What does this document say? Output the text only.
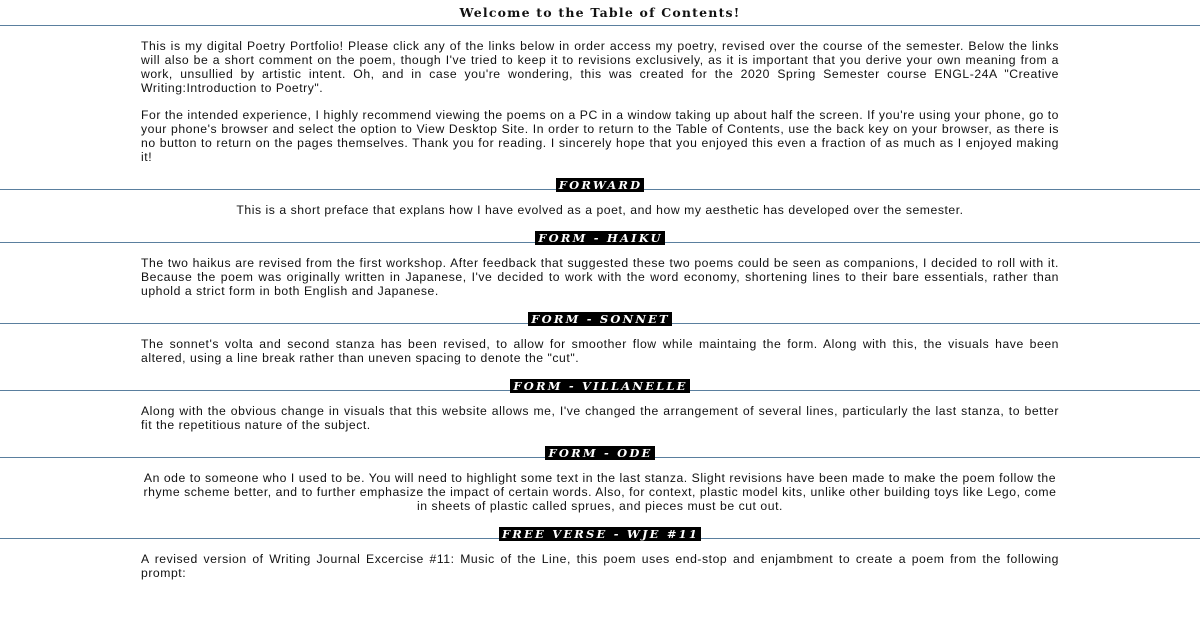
Welcome to the Table of Contents!

This is my digital Poetry Portfolio! Please click any of the links below in order access my poetry, revised over the course of the semester. Below the links will also be a short comment on the poem, though I've tried to keep it to revisions exclusively, as it is important that you derive your own meaning from a work, unsullied by artistic intent. Oh, and in case you're wondering, this was created for the 2020 Spring Semester course ENGL-24A "Creative Writing:Introduction to Poetry".

For the intended experience, I highly recommend viewing the poems on a PC in a window taking up about half the screen. If you're using your phone, go to your phone's browser and select the option to View Desktop Site. In order to return to the Table of Contents, use the back key on your browser, as there is no button to return on the pages themselves. Thank you for reading. I sincerely hope that you enjoyed this even a fraction of as much as I enjoyed making it!

FORWARD

This is a short preface that explans how I have evolved as a poet, and how my aesthetic has developed over the semester.

FORM - HAIKU

The two haikus are revised from the first workshop. After feedback that suggested these two poems could be seen as companions, I decided to roll with it. Because the poem was originally written in Japanese, I've decided to work with the word economy, shortening lines to their bare essentials, rather than uphold a strict form in both English and Japanese.

FORM - SONNET

The sonnet's volta and second stanza has been revised, to allow for smoother flow while maintaing the form. Along with this, the visuals have been altered, using a line break rather than uneven spacing to denote the "cut".

FORM - VILLANELLE

Along with the obvious change in visuals that this website allows me, I've changed the arrangement of several lines, particularly the last stanza, to better fit the repetitious nature of the subject.

FORM - ODE

An ode to someone who I used to be. You will need to highlight some text in the last stanza. Slight revisions have been made to make the poem follow the rhyme scheme better, and to further emphasize the impact of certain words. Also, for context, plastic model kits, unlike other building toys like Lego, come in sheets of plastic called sprues, and pieces must be cut out.

FREE VERSE - WJE #11

A revised version of Writing Journal Excercise #11: Music of the Line, this poem uses end-stop and enjambment to create a poem from the following prompt:
